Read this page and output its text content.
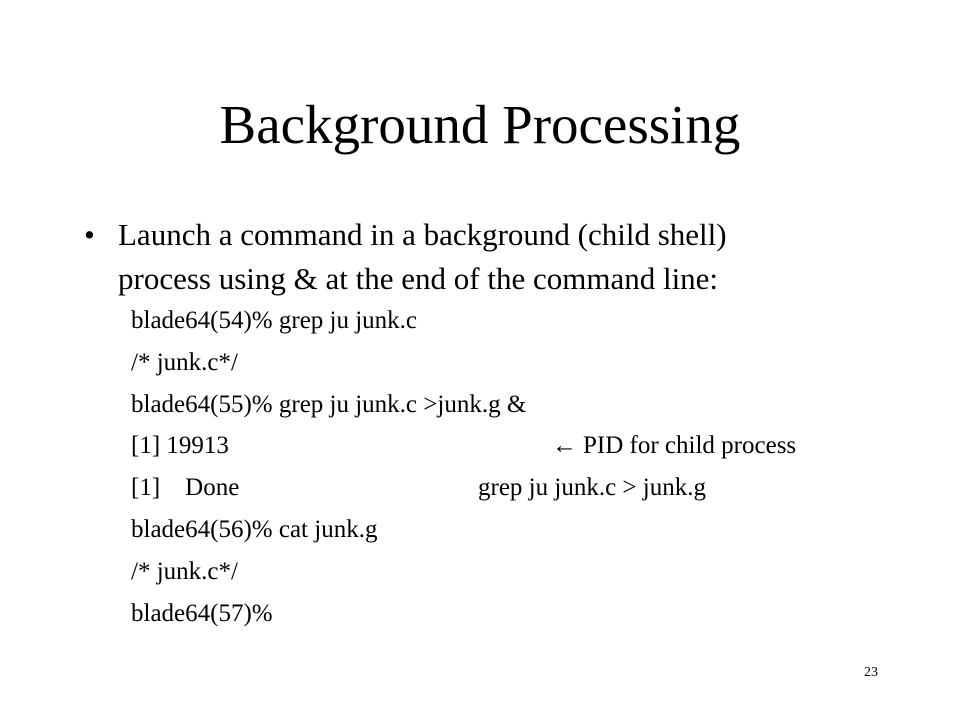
Background Processing
• Launch a command in a background (child shell)
process using & at the end of the command line:
blade64(54)% grep ju junk.c
/* junk.c*/
blade64(55)% grep ju junk.c >junk.g &
[1] 19913	← PID for child process
[1]    Done	grep ju junk.c > junk.g
blade64(56)% cat junk.g
/* junk.c*/
blade64(57)%
23
